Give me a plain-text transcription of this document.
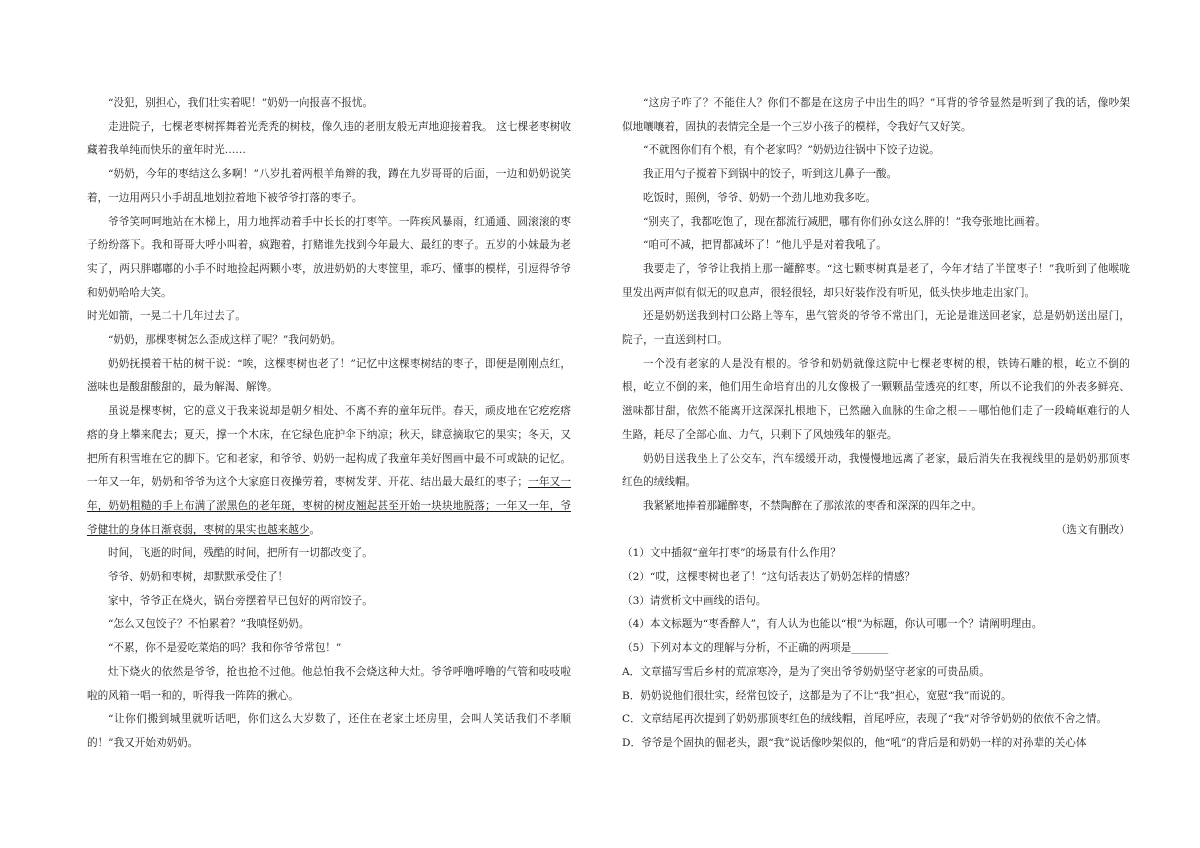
“没犯，别担心，我们壮实着呢！”奶奶一向报喜不报忧。

走进院子，七棵老枣树挥舞着光秃秃的树枝，像久违的老朋友般无声地迎接着我。 这七棵老枣树收藏着我单纯而快乐的童年时光……

“奶奶，今年的枣结这么多啊！”八岁扎着两根羊角辫的我，蹲在九岁哥哥的后面，一边和奶奶说笑着，一边用两只小手胡乱地划拉着地下被爷爷打落的枣子。

爷爷笑呵呵地站在木梯上，用力地挥动着手中长长的打枣竿。一阵疾风暴雨，红通通、圆滚滚的枣子纷纷落下。我和哥哥大呼小叫着，疯跑着，打赌谁先找到今年最大、最红的枣子。五岁的小妹最为老实了，两只胖嘟嘟的小手不时地捡起两颗小枣，放进奶奶的大枣筐里，乖巧、懂事的模样，引逗得爷爷和奶奶哈哈大笑。

时光如箭，一晃二十几年过去了。

“奶奶，那棵枣树怎么歪成这样了呢？”我问奶奶。

奶奶抚摸着干枯的树干说：“唉，这棵枣树也老了！”记忆中这棵枣树结的枣子，即便是刚刚点红，滋味也是酸甜酸甜的，最为解渴、解馋。

虽说是棵枣树，它的意义于我来说却是朝夕相处、不离不弃的童年玩伴。春天，顽皮地在它疙疙瘩瘩的身上攀来爬去；夏天，撑一个木床，在它绿色庇护伞下纳凉；秋天，肆意摘取它的果实；冬天，又把所有积雪堆在它的脚下。它和老家，和爷爷、奶奶一起构成了我童年美好图画中最不可或缺的记忆。 一年又一年，奶奶和爷爷为这个大家庭日夜操劳着，枣树发芽、开花、结出最大最红的枣子；一年又一年，奶奶粗糙的手上布满了淤黑色的老年斑，枣树的树皮翘起甚至开始一块块地脱落；一年又一年，爷爷健壮的身体日渐衰弱，枣树的果实也越来越少。

时间，飞逝的时间，残酷的时间，把所有一切都改变了。

爷爷、奶奶和枣树，却默默承受住了！

家中，爷爷正在烧火，锅台旁摆着早已包好的两帘饺子。

“怎么又包饺子？不怕累着？”我嗔怪奶奶。

“不累，你不是爱吃菜焰的吗？我和你爷爷常包！”

灶下烧火的依然是爷爷，抢也抢不过他。他总怕我不会烧这种大灶。爷爷呼噜呼噜的气管和吱吱啦啦的风箱一唱一和的，听得我一阵阵的揪心。

“让你们搬到城里就听话吧，你们这么大岁数了，还住在老家土坯房里，会叫人笑话我们不孝顺的！”我又开始劝奶奶。

“这房子咋了？不能住人？你们不都是在这房子中出生的吗？”耳背的爷爷显然是听到了我的话，像吵架似地嚷嚷着，固执的表情完全是一个三岁小孩子的模样，令我好气又好笑。

“不就图你们有个根，有个老家吗？”奶奶边往锅中下饺子边说。

我正用勺子搅着下到锅中的饺子，听到这儿鼻子一酸。

吃饭时，照例，爷爷、奶奶一个劲儿地劝我多吃。

“别夹了，我都吃饱了，现在都流行减肥，哪有你们孙女这么胖的！”我夸张地比画着。

“咱可不减，把胃都减坏了！”他儿乎是对着我吼了。

我要走了，爷爷让我捎上那一罐醉枣。“这七颗枣树真是老了，今年才结了半筐枣子！”我听到了他喉咙里发出两声似有似无的叹息声，很轻很轻，却只好装作没有听见，低头快步地走出家门。

还是奶奶送我到村口公路上等车，患气管炎的爷爷不常出门，无论是谁送回老家，总是奶奶送出屋门，院子，一直送到村口。

一个没有老家的人是没有根的。爷爷和奶奶就像这院中七棵老枣树的根，铁铸石雕的根，屹立不倒的根，屹立不倒的来，他们用生命培育出的儿女像极了一颗颗晶莹透亮的红枣，所以不论我们的外表多鲜亮、滋味都甘甜，依然不能离开这深深扎根地下，已然融入血脉的生命之根－－哪怕他们走了一段崎岖难行的人生路，耗尽了全部心血、力气，只剩下了风烛残年的躯壳。

奶奶目送我坐上了公交车，汽车缓缓开动，我慢慢地远离了老家，最后消失在我视线里的是奶奶那顶枣红色的绒线帽。

我紧紧地捧着那罐醉枣，不禁陶醉在了那浓浓的枣香和深深的四年之中。

（选文有删改）

（1）文中插叙“童年打枣”的场景有什么作用？

（2）“哎，这棵枣树也老了！”这句话表达了奶奶怎样的情感？

（3）请赏析文中画线的语句。

（4）本文标题为“枣香醉人”，有人认为也能以“根”为标题，你认可哪一个？请阐明理由。

（5）下列对本文的理解与分析，不正确的两项是_______

A．文章描写雪后乡村的荒凉寒冷，是为了突出爷爷奶奶坚守老家的可贵品质。

B．奶奶说他们很壮实，经常包饺子，这都是为了不让“我”担心，宽慰“我”而说的。

C．文章结尾再次提到了奶奶那顶枣红色的绒线帽，首尾呼应，表现了“我”对爷爷奶奶的依依不舍之情。

D．爷爷是个固执的倔老头，跟“我”说话像吵架似的，他“吼”的背后是和奶奶一样的对孙辈的关心体
